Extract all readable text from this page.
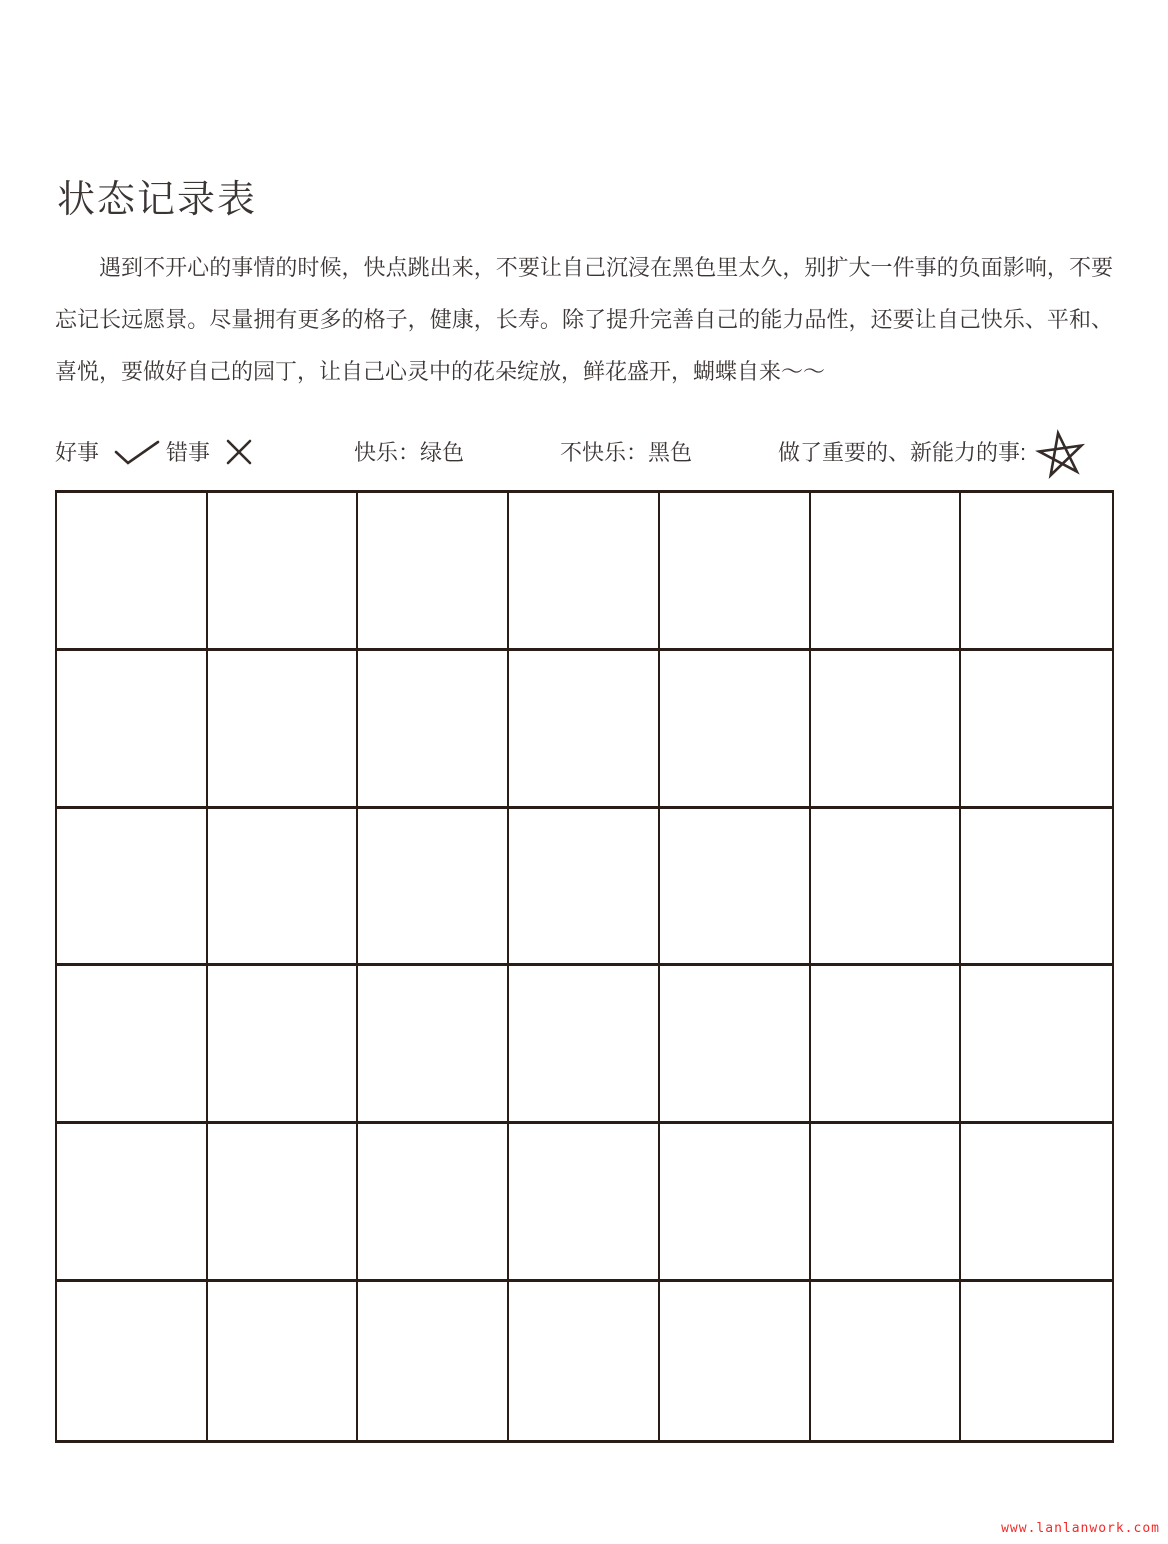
状态记录表

遇到不开心的事情的时候，快点跳出来，不要让自己沉浸在黑色里太久，别扩大一件事的负面影响，不要忘记长远愿景。尽量拥有更多的格子，健康，长寿。除了提升完善自己的能力品性，还要让自己快乐、平和、喜悦，要做好自己的园丁，让自己心灵中的花朵绽放，鲜花盛开，蝴蝶自来～～

好事	错事	快乐：绿色	不快乐：黑色	做了重要的、新能力的事:
www.lanlanwork.com
